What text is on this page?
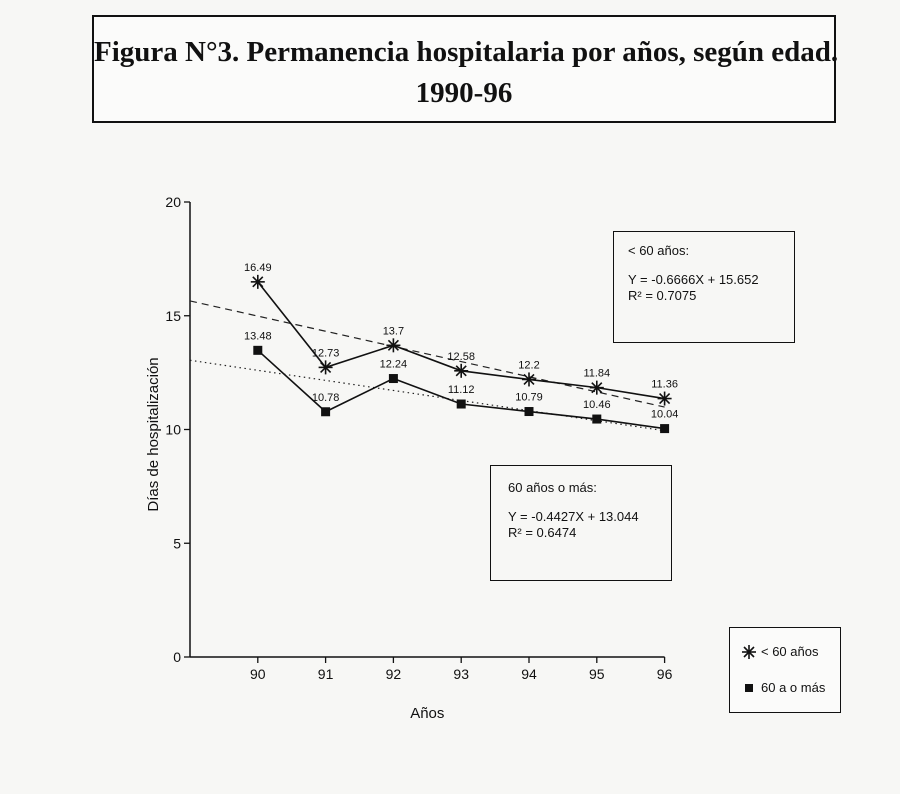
Figura N°3. Permanencia hospitalaria por años, según edad.
1990-96
0
5
10
15
20
90	91	92	93	94	95	96
Años
Días de hospitalización
16.49
12.73
13.7
12.58
12.2
11.84
11.36
13.48
10.78
12.24
11.12
10.79
10.46
10.04
< 60 años:
Y = -0.6666X + 15.652
R² = 0.7075
60 años o más:
Y = -0.4427X + 13.044
R² = 0.6474
< 60 años
60 a o más
